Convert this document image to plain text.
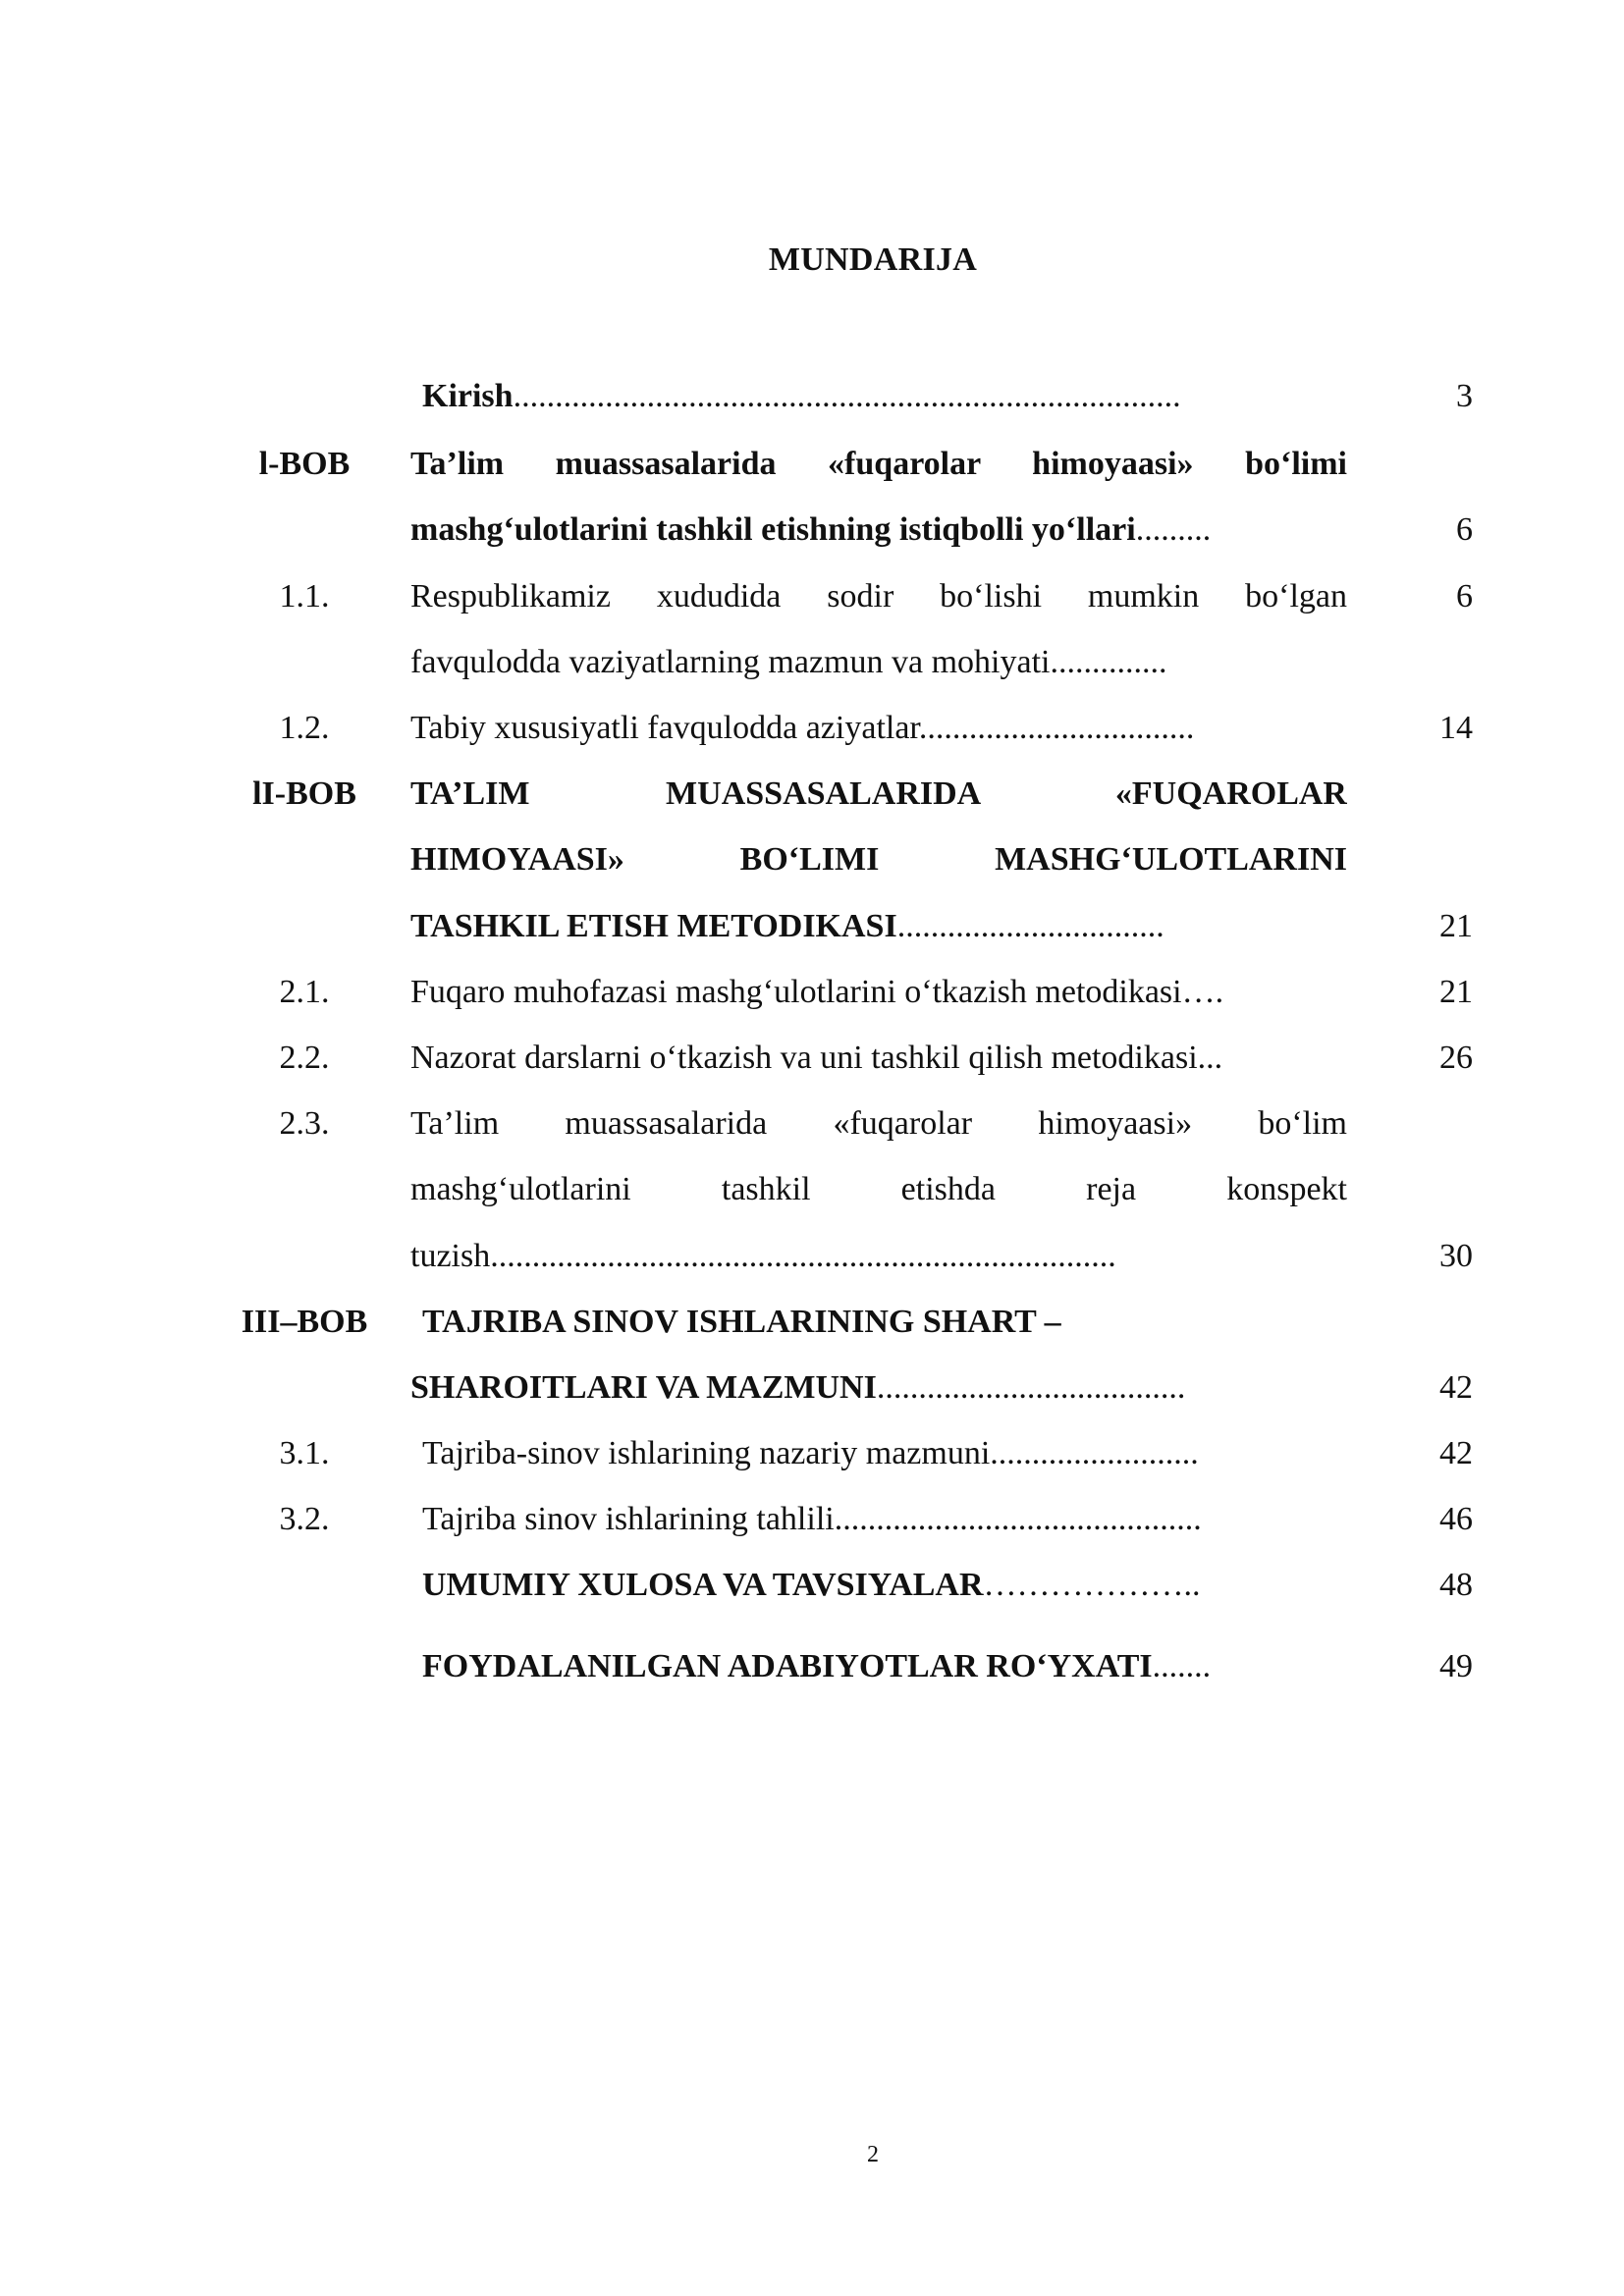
MUNDARIJA
Kirish................................................................................	3
l-BOB	Ta’lim muassasalarida «fuqarolar himoyaasi» bo‘limi
mashg‘ulotlarini tashkil etishning istiqbolli yo‘llari.........	6
1.1.	Respublikamiz xududida sodir bo‘lishi mumkin bo‘lgan	6
favqulodda vaziyatlarning mazmun va mohiyati..............
1.2.	Tabiy xususiyatli favqulodda aziyatlar.................................	14
lI-BOB	TA’LIM MUASSASALARIDA «FUQAROLAR
HIMOYAASI» BO‘LIMI MASHG‘ULOTLARINI
TASHKIL ETISH METODIKASI................................	21
2.1.	Fuqaro muhofazasi mashg‘ulotlarini o‘tkazish metodikasi….	21
2.2.	Nazorat darslarni o‘tkazish va uni tashkil qilish metodikasi...	26
2.3.	Ta’lim muassasalarida «fuqarolar himoyaasi» bo‘lim
mashg‘ulotlarini tashkil etishda reja konspekt
tuzish...........................................................................	30
III–BOB	TAJRIBA SINOV ISHLARINING SHART –
SHAROITLARI VA MAZMUNI.....................................	42
3.1.	Tajriba-sinov ishlarining nazariy mazmuni.........................	42
3.2.	Tajriba sinov ishlarining tahlili............................................	46
UMUMIY XULOSA VA TAVSIYALAR………………..	48
FOYDALANILGAN ADABIYOTLAR RO‘YXATI.......	49
2
